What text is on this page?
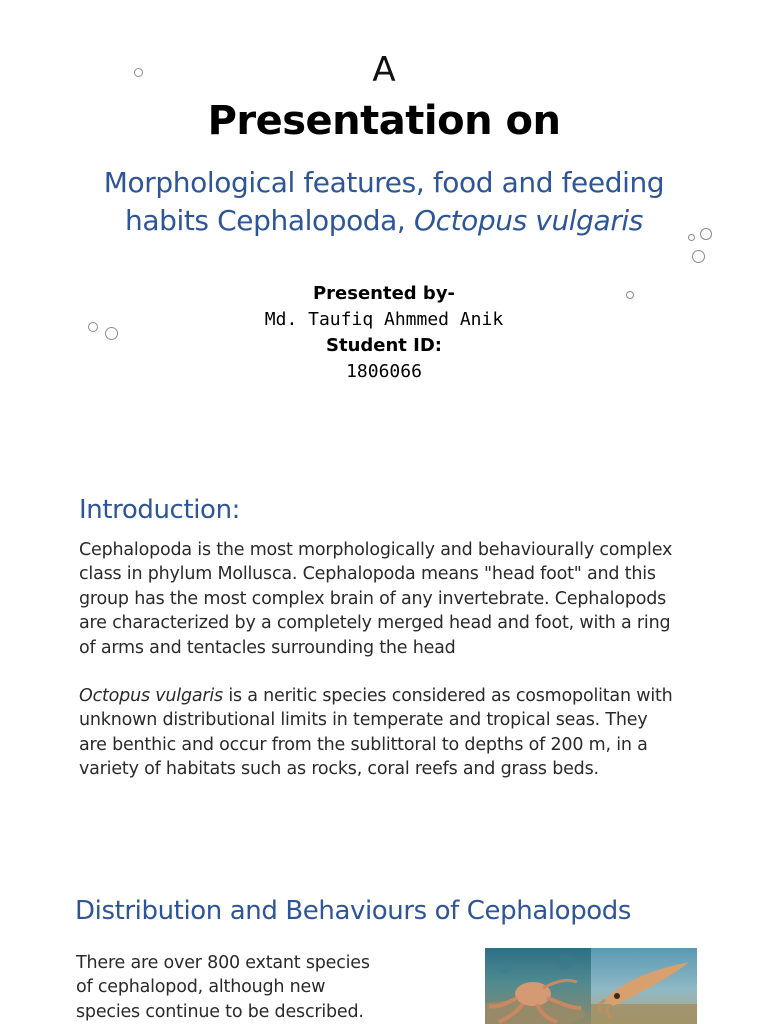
A
Presentation on
Morphological features, food and feeding
habits Cephalopoda, Octopus vulgaris
Presented by-
Md. Taufiq Ahmmed Anik
Student ID:
1806066
Introduction:
Cephalopoda is the most morphologically and behaviourally complex
class in phylum Mollusca. Cephalopoda means "head foot" and this
group has the most complex brain of any invertebrate. Cephalopods
are characterized by a completely merged head and foot, with a ring
of arms and tentacles surrounding the head
Octopus vulgaris is a neritic species considered as cosmopolitan with
unknown distributional limits in temperate and tropical seas. They
are benthic and occur from the sublittoral to depths of 200 m, in a
variety of habitats such as rocks, coral reefs and grass beds.
Distribution and Behaviours of Cephalopods
There are over 800 extant species
of cephalopod, although new
species continue to be described.
